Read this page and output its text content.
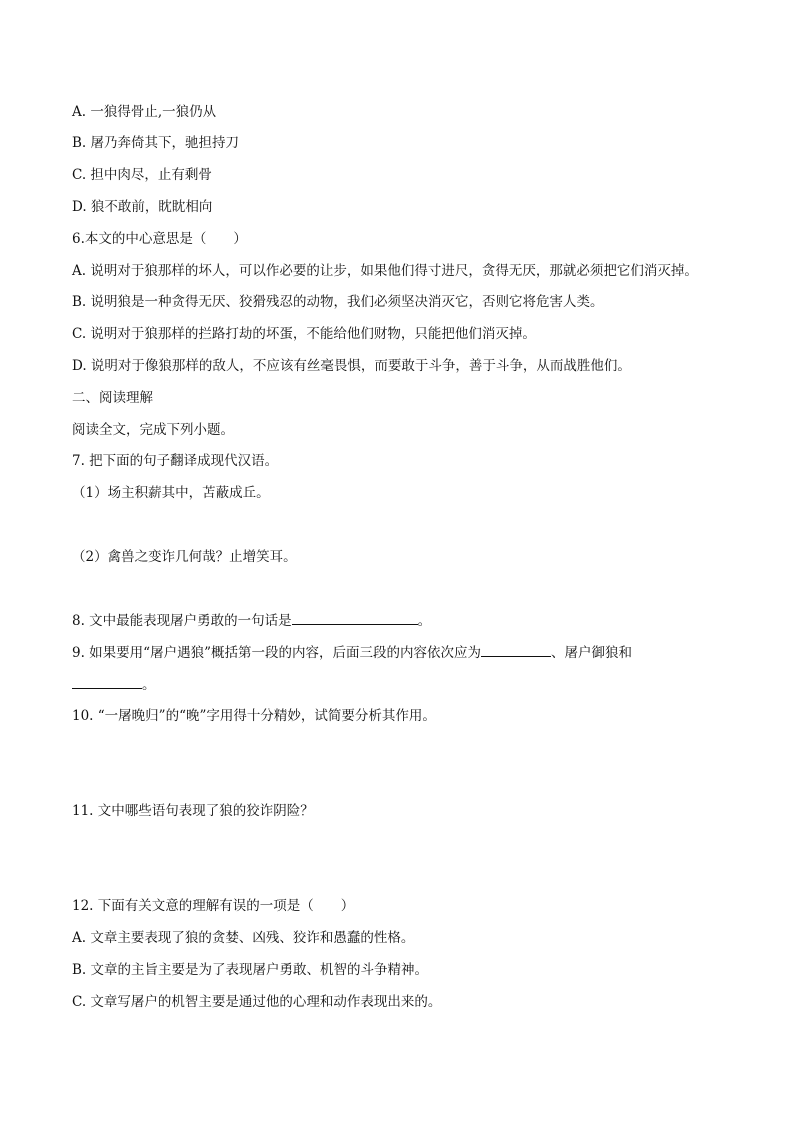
A. 一狼得骨止,一狼仍从
B. 屠乃奔倚其下，驰担持刀
C. 担中肉尽，止有剩骨
D. 狼不敢前，眈眈相向
6.本文的中心意思是（　　）
A. 说明对于狼那样的坏人，可以作必要的让步，如果他们得寸进尺，贪得无厌，那就必须把它们消灭掉。
B. 说明狼是一种贪得无厌、狡猾残忍的动物，我们必须坚决消灭它，否则它将危害人类。
C. 说明对于狼那样的拦路打劫的坏蛋，不能给他们财物，只能把他们消灭掉。
D. 说明对于像狼那样的敌人，不应该有丝毫畏惧，而要敢于斗争，善于斗争，从而战胜他们。
二、阅读理解
阅读全文，完成下列小题。
7. 把下面的句子翻译成现代汉语。
（1）场主积薪其中，苫蔽成丘。
（2）禽兽之变诈几何哉？止增笑耳。
8. 文中最能表现屠户勇敢的一句话是	。
9. 如果要用“屠户遇狼”概括第一段的内容，后面三段的内容依次应为	、屠户御狼和
。
10. “一屠晚归”的“晚”字用得十分精妙，试简要分析其作用。
11. 文中哪些语句表现了狼的狡诈阴险？
12. 下面有关文意的理解有误的一项是（　　）
A. 文章主要表现了狼的贪婪、凶残、狡诈和愚蠢的性格。
B. 文章的主旨主要是为了表现屠户勇敢、机智的斗争精神。
C. 文章写屠户的机智主要是通过他的心理和动作表现出来的。
